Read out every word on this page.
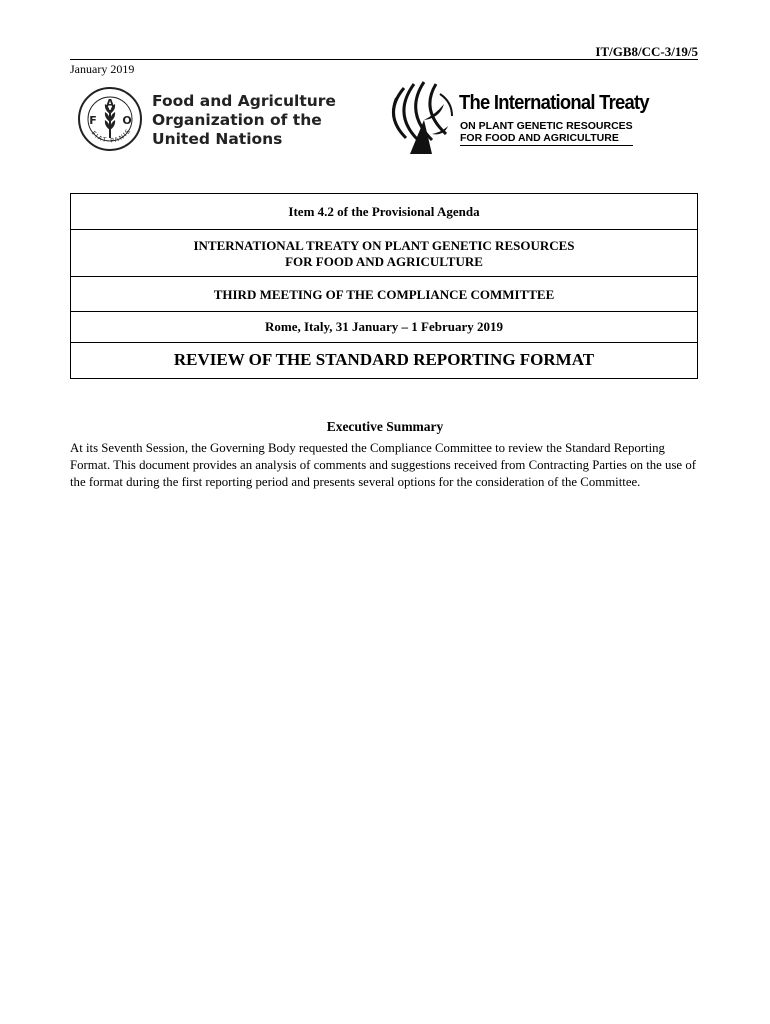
IT/GB8/CC-3/19/5
January 2019
A
F O
FIAT PANIS
Food and Agriculture
Organization of the
United Nations
The International Treaty
ON PLANT GENETIC RESOURCES
FOR FOOD AND AGRICULTURE
Item 4.2 of the Provisional Agenda
INTERNATIONAL TREATY ON PLANT GENETIC RESOURCES
FOR FOOD AND AGRICULTURE
THIRD MEETING OF THE COMPLIANCE COMMITTEE
Rome, Italy, 31 January – 1 February 2019
REVIEW OF THE STANDARD REPORTING FORMAT
Executive Summary
At its Seventh Session, the Governing Body requested the Compliance Committee to review the Standard Reporting Format. This document provides an analysis of comments and suggestions received from Contracting Parties on the use of the format during the first reporting period and presents several options for the consideration of the Committee.
